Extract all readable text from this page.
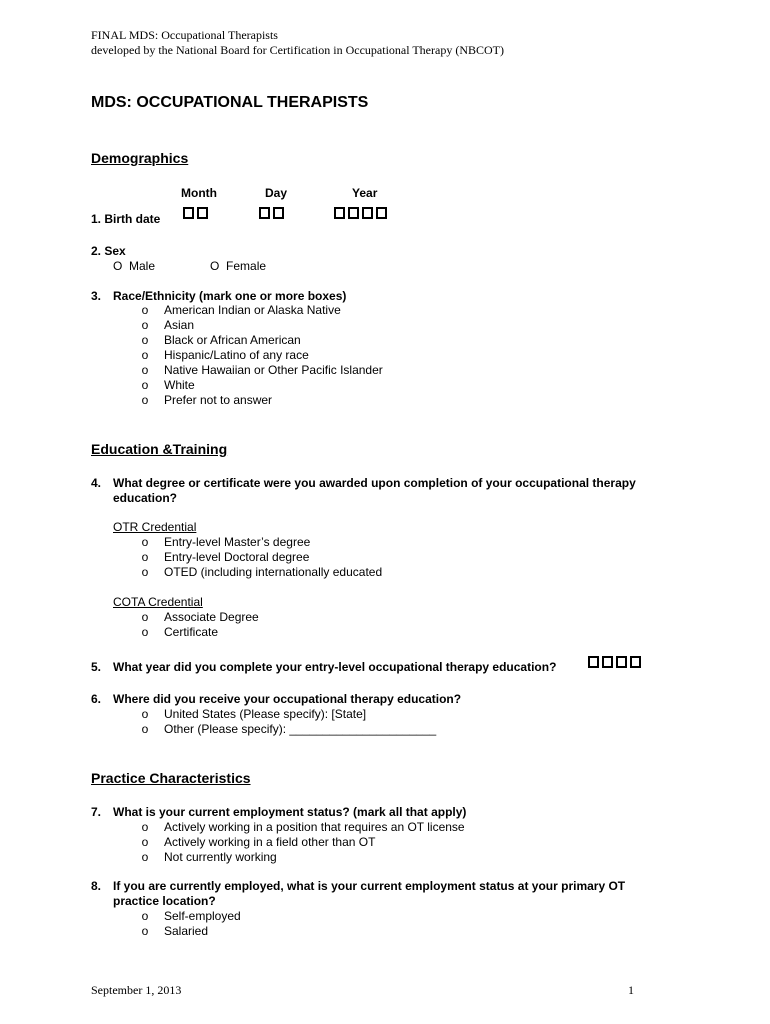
FINAL MDS: Occupational Therapists
developed by the National Board for Certification in Occupational Therapy (NBCOT)
MDS: OCCUPATIONAL THERAPISTS
Demographics
Month	Day	Year
1. Birth date
2. Sex
O Male	O Female
3. Race/Ethnicity (mark one or more boxes)
o American Indian or Alaska Native
o Asian
o Black or African American
o Hispanic/Latino of any race
o Native Hawaiian or Other Pacific Islander
o White
o Prefer not to answer
Education &Training
4. What degree or certificate were you awarded upon completion of your occupational therapy
education?
OTR Credential
o Entry-level Master’s degree
o Entry-level Doctoral degree
o OTED (including internationally educated
COTA Credential
o Associate Degree
o Certificate
5. What year did you complete your entry-level occupational therapy education?
6. Where did you receive your occupational therapy education?
o United States (Please specify): [State]
o Other (Please specify): ______________________
Practice Characteristics
7. What is your current employment status? (mark all that apply)
o Actively working in a position that requires an OT license
o Actively working in a field other than OT
o Not currently working
8. If you are currently employed, what is your current employment status at your primary OT
practice location?
o Self-employed
o Salaried
September 1, 2013	1
